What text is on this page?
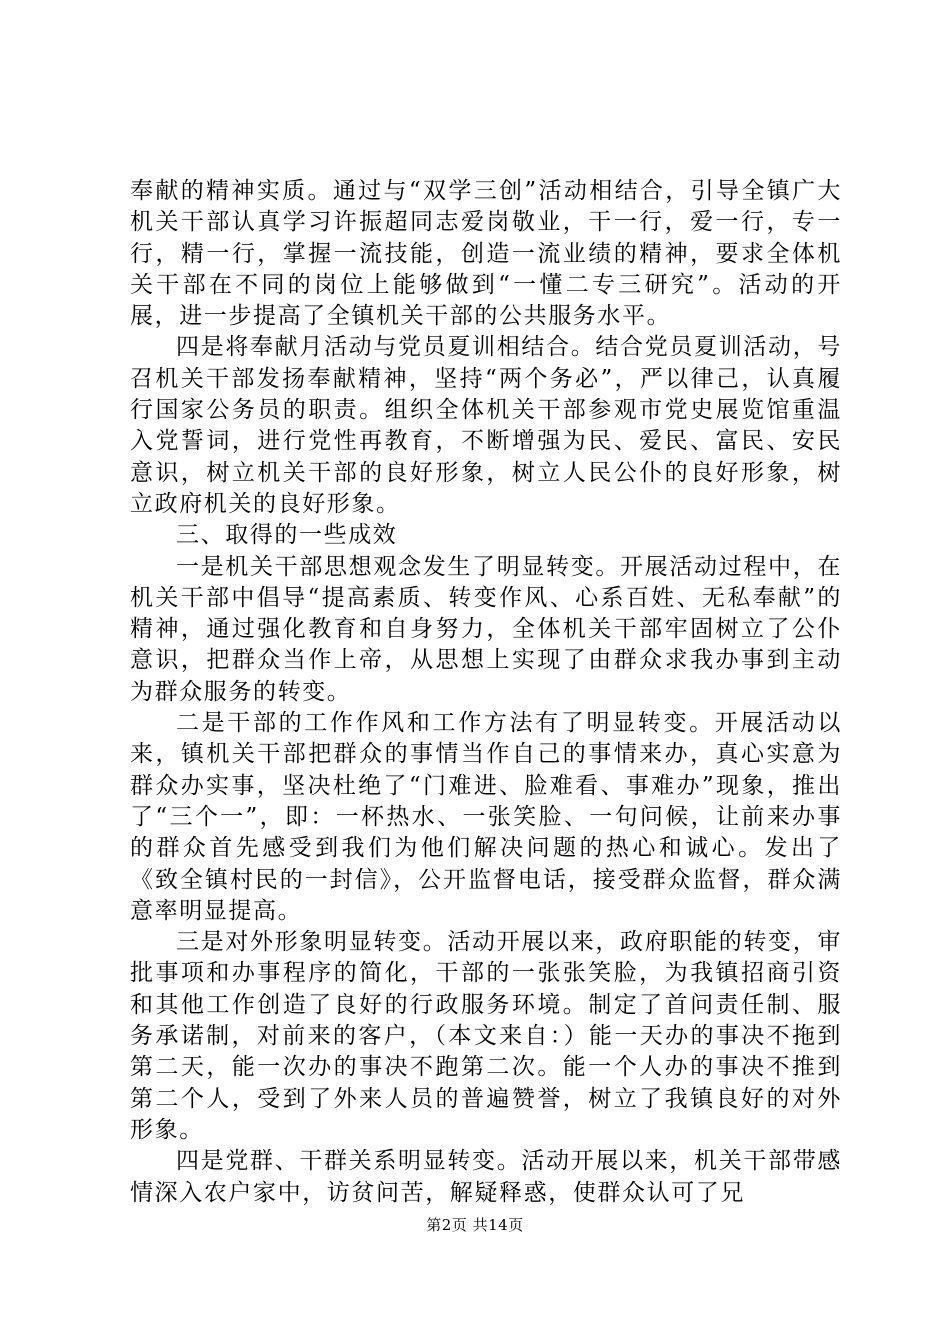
奉献的精神实质。通过与“双学三创”活动相结合，引导全镇广大机关干部认真学习许振超同志爱岗敬业，干一行，爱一行，专一行，精一行，掌握一流技能，创造一流业绩的精神，要求全体机关干部在不同的岗位上能够做到“一懂二专三研究”。活动的开展，进一步提高了全镇机关干部的公共服务水平。

四是将奉献月活动与党员夏训相结合。结合党员夏训活动，号召机关干部发扬奉献精神，坚持“两个务必”，严以律己，认真履行国家公务员的职责。组织全体机关干部参观市党史展览馆重温入党誓词，进行党性再教育，不断增强为民、爱民、富民、安民意识，树立机关干部的良好形象，树立人民公仆的良好形象，树立政府机关的良好形象。

三、取得的一些成效

一是机关干部思想观念发生了明显转变。开展活动过程中，在机关干部中倡导“提高素质、转变作风、心系百姓、无私奉献”的精神，通过强化教育和自身努力，全体机关干部牢固树立了公仆意识，把群众当作上帝，从思想上实现了由群众求我办事到主动为群众服务的转变。

二是干部的工作作风和工作方法有了明显转变。开展活动以来，镇机关干部把群众的事情当作自己的事情来办，真心实意为群众办实事，坚决杜绝了“门难进、脸难看、事难办”现象，推出了“三个一”，即：一杯热水、一张笑脸、一句问候，让前来办事的群众首先感受到我们为他们解决问题的热心和诚心。发出了《致全镇村民的一封信》，公开监督电话，接受群众监督，群众满意率明显提高。

三是对外形象明显转变。活动开展以来，政府职能的转变，审批事项和办事程序的简化，干部的一张张笑脸，为我镇招商引资和其他工作创造了良好的行政服务环境。制定了首问责任制、服务承诺制，对前来的客户，（本文来自：）能一天办的事决不拖到第二天，能一次办的事决不跑第二次。能一个人办的事决不推到第二个人，受到了外来人员的普遍赞誉，树立了我镇良好的对外形象。

四是党群、干群关系明显转变。活动开展以来，机关干部带感情深入农户家中，访贫问苦，解疑释惑，使群众认可了兄

第2页 共14页
